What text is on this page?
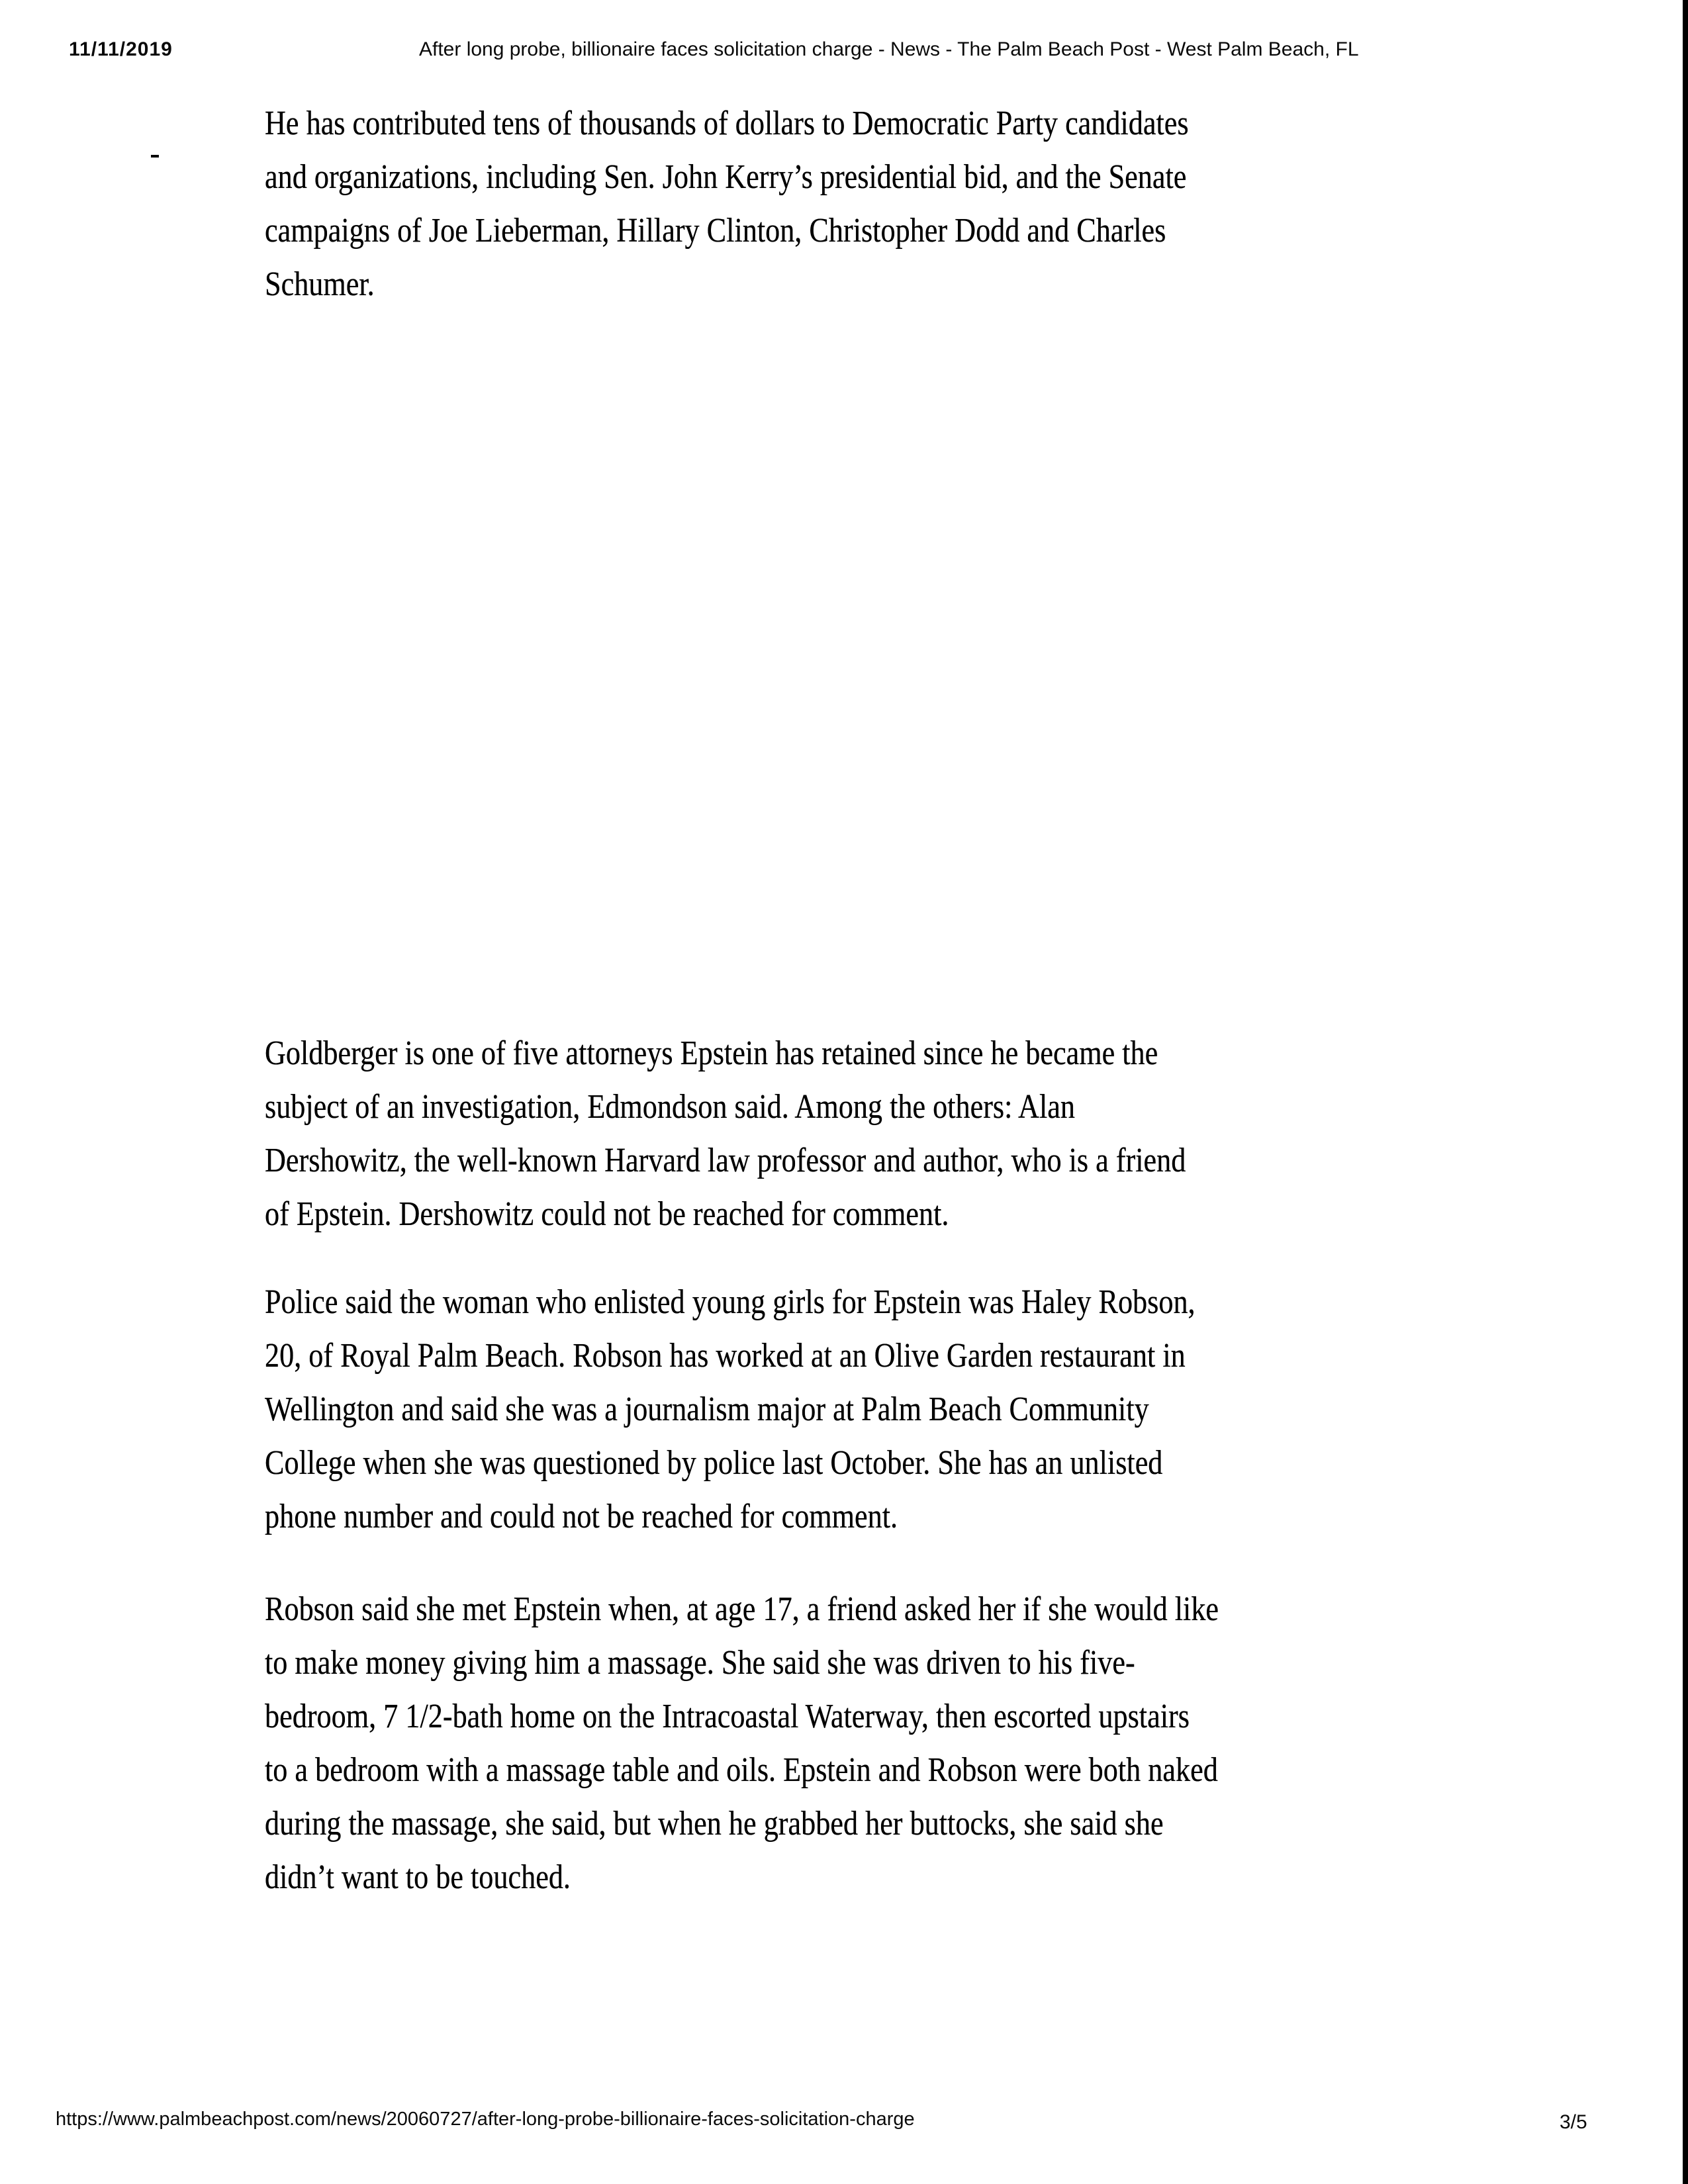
11/11/2019	After long probe, billionaire faces solicitation charge - News - The Palm Beach Post - West Palm Beach, FL
He has contributed tens of thousands of dollars to Democratic Party candidates
and organizations, including Sen. John Kerry’s presidential bid, and the Senate
campaigns of Joe Lieberman, Hillary Clinton, Christopher Dodd and Charles
Schumer.
Goldberger is one of five attorneys Epstein has retained since he became the
subject of an investigation, Edmondson said. Among the others: Alan
Dershowitz, the well-known Harvard law professor and author, who is a friend
of Epstein. Dershowitz could not be reached for comment.
Police said the woman who enlisted young girls for Epstein was Haley Robson,
20, of Royal Palm Beach. Robson has worked at an Olive Garden restaurant in
Wellington and said she was a journalism major at Palm Beach Community
College when she was questioned by police last October. She has an unlisted
phone number and could not be reached for comment.
Robson said she met Epstein when, at age 17, a friend asked her if she would like
to make money giving him a massage. She said she was driven to his five-
bedroom, 7 1/2-bath home on the Intracoastal Waterway, then escorted upstairs
to a bedroom with a massage table and oils. Epstein and Robson were both naked
during the massage, she said, but when he grabbed her buttocks, she said she
didn’t want to be touched.
https://www.palmbeachpost.com/news/20060727/after-long-probe-billionaire-faces-solicitation-charge	3/5
